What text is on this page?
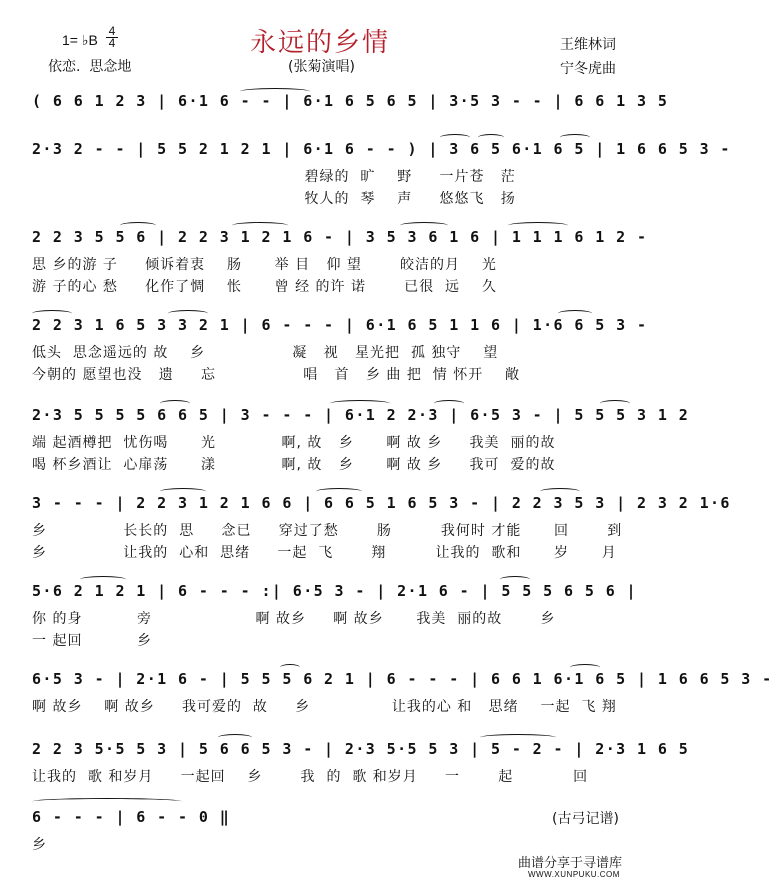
永远的乡情
1= ♭B
4
4
依恋.  思念地	(张菊演唱)
王维林词
宁冬虎曲
( 6 6 1 2 3 | 6·1 6 - - | 6·1 6 5 6 5 | 3·5 3 - - | 6 6 1 3 5
2·3 2 - - | 5 5 2 1 2 1 | 6·1 6 - - ) | 3 6 5 6·1 6 5 | 1 6 6 5 3 -
碧绿的  旷    野     一片苍   茫
牧人的  琴    声     悠悠飞   扬
2 2 3 5 5 6 | 2 2 3 1 2 1 6 - | 3 5 3 6 1 6 | 1 1 1 6 1 2 -
思 乡的游 子     倾诉着衷    肠      举 目   仰 望       皎洁的月    光
游 子的心 愁     化作了惆    怅      曾 经 的许 诺       已很  远    久
2 2 3 1 6 5 3 3 2 1 | 6 - - - | 6·1 6 5 1 1 6 | 1·6 6 5 3 -
低头  思念遥远的 故    乡                凝   视   星光把  孤 独守    望
今朝的 愿望也没   遗     忘                唱   首   乡 曲 把  情 怀开    敞
2·3 5 5 5 5 6 6 5 | 3 - - - | 6·1 2 2·3 | 6·5 3 - | 5 5 5 3 1 2
端 起酒樽把  忧伤喝      光            啊, 故   乡      啊 故 乡     我美  丽的故
喝 杯乡酒让  心扉荡      漾            啊, 故   乡      啊 故 乡     我可  爱的故
3 - - - | 2 2 3 1 2 1 6 6 | 6 6 5 1 6 5 3 - | 2 2 3 5 3 | 2 3 2 1·6
乡              长长的  思     念已     穿过了愁       肠         我何时 才能      回       到
乡              让我的  心和  思绪     一起  飞       翔         让我的  歌和      岁      月
5·6 2 1 2 1 | 6 - - - :| 6·5 3 - | 2·1 6 - | 5 5 5 6 5 6 |
你 的身          旁                   啊 故乡     啊 故乡      我美  丽的故       乡
一 起回          乡
6·5 3 - | 2·1 6 - | 5 5 5 6 2 1 | 6 - - - | 6 6 1 6·1 6 5 | 1 6 6 5 3 -
啊 故乡    啊 故乡     我可爱的  故     乡               让我的心 和   思绪    一起  飞 翔
2 2 3 5·5 5 3 | 5 6 6 5 3 - | 2·3 5·5 5 3 | 5 - 2 - | 2·3 1 6 5
让我的  歌 和岁月     一起回    乡       我  的  歌 和岁月     一       起           回
6 - - - | 6 - - 0 ‖
乡
(古弓记谱)
曲谱分享于寻谱库
WWW.XUNPUKU.COM
